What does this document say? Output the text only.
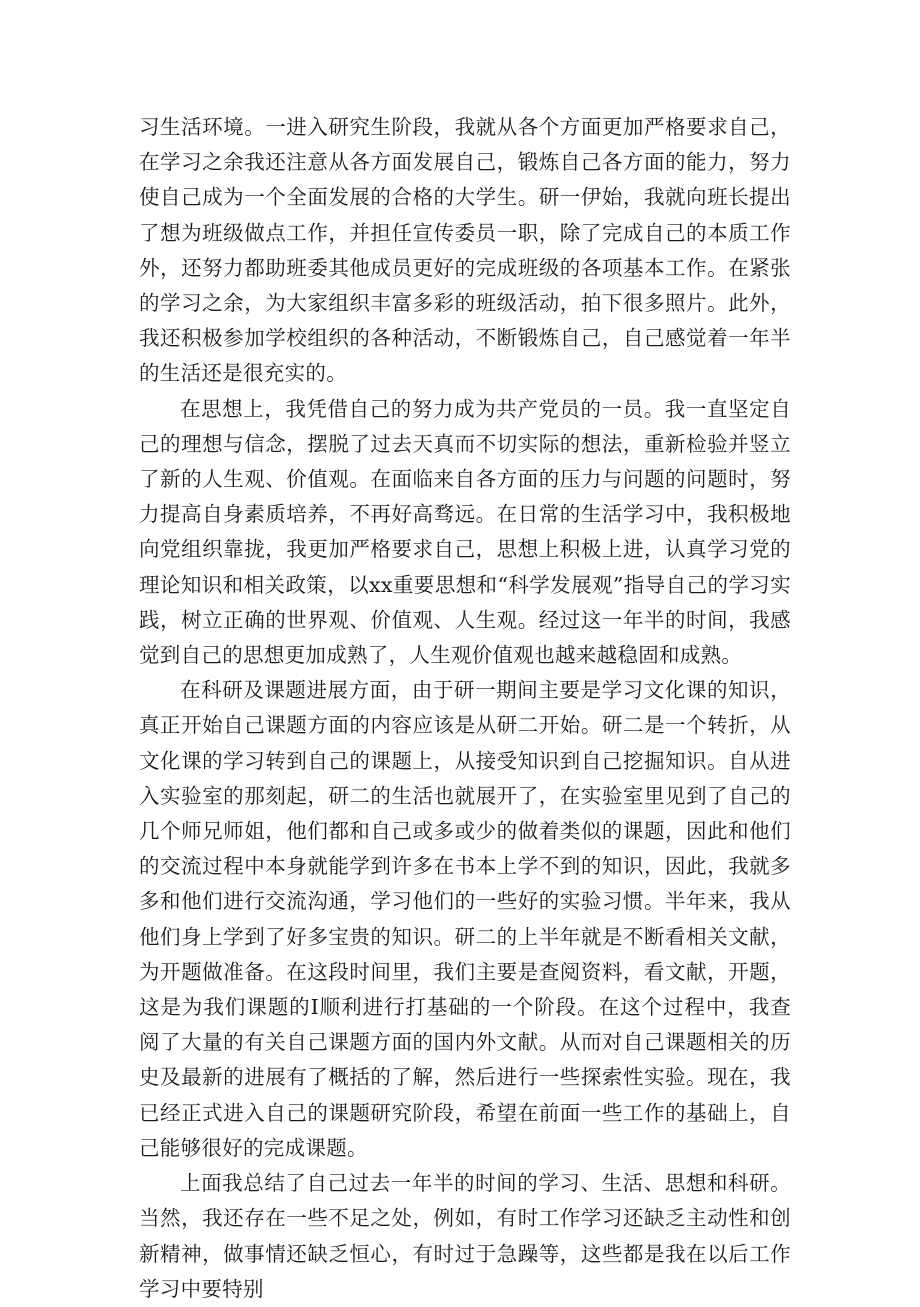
习生活环境。一进入研究生阶段，我就从各个方面更加严格要求自己，在学习之余我还注意从各方面发展自己，锻炼自己各方面的能力，努力使自己成为一个全面发展的合格的大学生。研一伊始，我就向班长提出了想为班级做点工作，并担任宣传委员一职，除了完成自己的本质工作外，还努力都助班委其他成员更好的完成班级的各项基本工作。在紧张的学习之余，为大家组织丰富多彩的班级活动，拍下很多照片。此外，我还积极参加学校组织的各种活动，不断锻炼自己，自己感觉着一年半的生活还是很充实的。

在思想上，我凭借自己的努力成为共产党员的一员。我一直坚定自己的理想与信念，摆脱了过去天真而不切实际的想法，重新检验并竖立了新的人生观、价值观。在面临来自各方面的压力与问题的问题时，努力提高自身素质培养，不再好高骛远。在日常的生活学习中，我积极地向党组织靠拢，我更加严格要求自己，思想上积极上进，认真学习党的理论知识和相关政策，以xx重要思想和“科学发展观”指导自己的学习实践，树立正确的世界观、价值观、人生观。经过这一年半的时间，我感觉到自己的思想更加成熟了，人生观价值观也越来越稳固和成熟。

在科研及课题进展方面，由于研一期间主要是学习文化课的知识，真正开始自己课题方面的内容应该是从研二开始。研二是一个转折，从文化课的学习转到自己的课题上，从接受知识到自己挖掘知识。自从进入实验室的那刻起，研二的生活也就展开了，在实验室里见到了自己的几个师兄师姐，他们都和自己或多或少的做着类似的课题，因此和他们的交流过程中本身就能学到许多在书本上学不到的知识，因此，我就多多和他们进行交流沟通，学习他们的一些好的实验习惯。半年来，我从他们身上学到了好多宝贵的知识。研二的上半年就是不断看相关文献，为开题做准备。在这段时间里，我们主要是查阅资料，看文献，开题，这是为我们课题的I顺利进行打基础的一个阶段。在这个过程中，我查阅了大量的有关自己课题方面的国内外文献。从而对自己课题相关的历史及最新的进展有了概括的了解，然后进行一些探索性实验。现在，我已经正式进入自己的课题研究阶段，希望在前面一些工作的基础上，自己能够很好的完成课题。

上面我总结了自己过去一年半的时间的学习、生活、思想和科研。当然，我还存在一些不足之处，例如，有时工作学习还缺乏主动性和创新精神，做事情还缺乏恒心，有时过于急躁等，这些都是我在以后工作学习中要特别
